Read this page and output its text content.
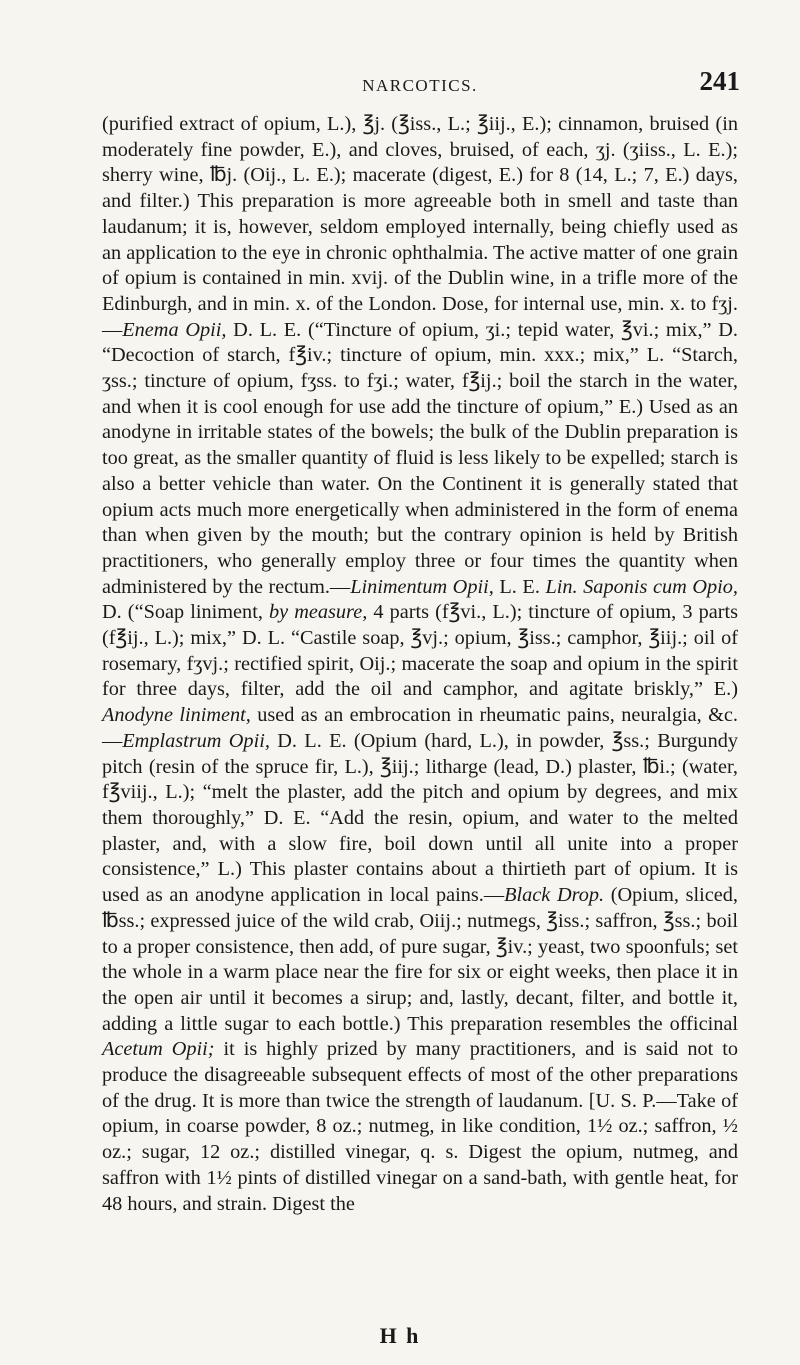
NARCOTICS.	241

(purified extract of opium, L.), ℥j. (℥iss., L.; ℥iij., E.); cinnamon, bruised (in moderately fine powder, E.), and cloves, bruised, of each, ʒj. (ʒiiss., L. E.); sherry wine, ℔j. (Oij., L. E.); macerate (digest, E.) for 8 (14, L.; 7, E.) days, and filter.) This preparation is more agreeable both in smell and taste than laudanum; it is, however, seldom employed internally, being chiefly used as an application to the eye in chronic ophthalmia. The active matter of one grain of opium is contained in min. xvij. of the Dublin wine, in a trifle more of the Edinburgh, and in min. x. of the London. Dose, for internal use, min. x. to fʒj.—Enema Opii, D. L. E. (“Tincture of opium, ʒi.; tepid water, ℥vi.; mix,” D. “Decoction of starch, f℥iv.; tincture of opium, min. xxx.; mix,” L. “Starch, ʒss.; tincture of opium, fʒss. to fʒi.; water, f℥ij.; boil the starch in the water, and when it is cool enough for use add the tincture of opium,” E.) Used as an anodyne in irritable states of the bowels; the bulk of the Dublin preparation is too great, as the smaller quantity of fluid is less likely to be expelled; starch is also a better vehicle than water. On the Continent it is generally stated that opium acts much more energetically when administered in the form of enema than when given by the mouth; but the contrary opinion is held by British practitioners, who generally employ three or four times the quantity when administered by the rectum.—Linimentum Opii, L. E. Lin. Saponis cum Opio, D. (“Soap liniment, by measure, 4 parts (f℥vi., L.); tincture of opium, 3 parts (f℥ij., L.); mix,” D. L. “Castile soap, ℥vj.; opium, ℥iss.; camphor, ℥iij.; oil of rosemary, fʒvj.; rectified spirit, Oij.; macerate the soap and opium in the spirit for three days, filter, add the oil and camphor, and agitate briskly,” E.) Anodyne liniment, used as an embrocation in rheumatic pains, neuralgia, &c.—Emplastrum Opii, D. L. E. (Opium (hard, L.), in powder, ℥ss.; Burgundy pitch (resin of the spruce fir, L.), ℥iij.; litharge (lead, D.) plaster, ℔i.; (water, f℥viij., L.); “melt the plaster, add the pitch and opium by degrees, and mix them thoroughly,” D. E. “Add the resin, opium, and water to the melted plaster, and, with a slow fire, boil down until all unite into a proper consistence,” L.) This plaster contains about a thirtieth part of opium. It is used as an anodyne application in local pains.—Black Drop. (Opium, sliced, ℔ss.; expressed juice of the wild crab, Oiij.; nutmegs, ℥iss.; saffron, ℥ss.; boil to a proper consistence, then add, of pure sugar, ℥iv.; yeast, two spoonfuls; set the whole in a warm place near the fire for six or eight weeks, then place it in the open air until it becomes a sirup; and, lastly, decant, filter, and bottle it, adding a little sugar to each bottle.) This preparation resembles the officinal Acetum Opii; it is highly prized by many practitioners, and is said not to produce the disagreeable subsequent effects of most of the other preparations of the drug. It is more than twice the strength of laudanum. [U. S. P.—Take of opium, in coarse powder, 8 oz.; nutmeg, in like condition, 1½ oz.; saffron, ½ oz.; sugar, 12 oz.; distilled vinegar, q. s. Digest the opium, nutmeg, and saffron with 1½ pints of distilled vinegar on a sand-bath, with gentle heat, for 48 hours, and strain. Digest the

H h
